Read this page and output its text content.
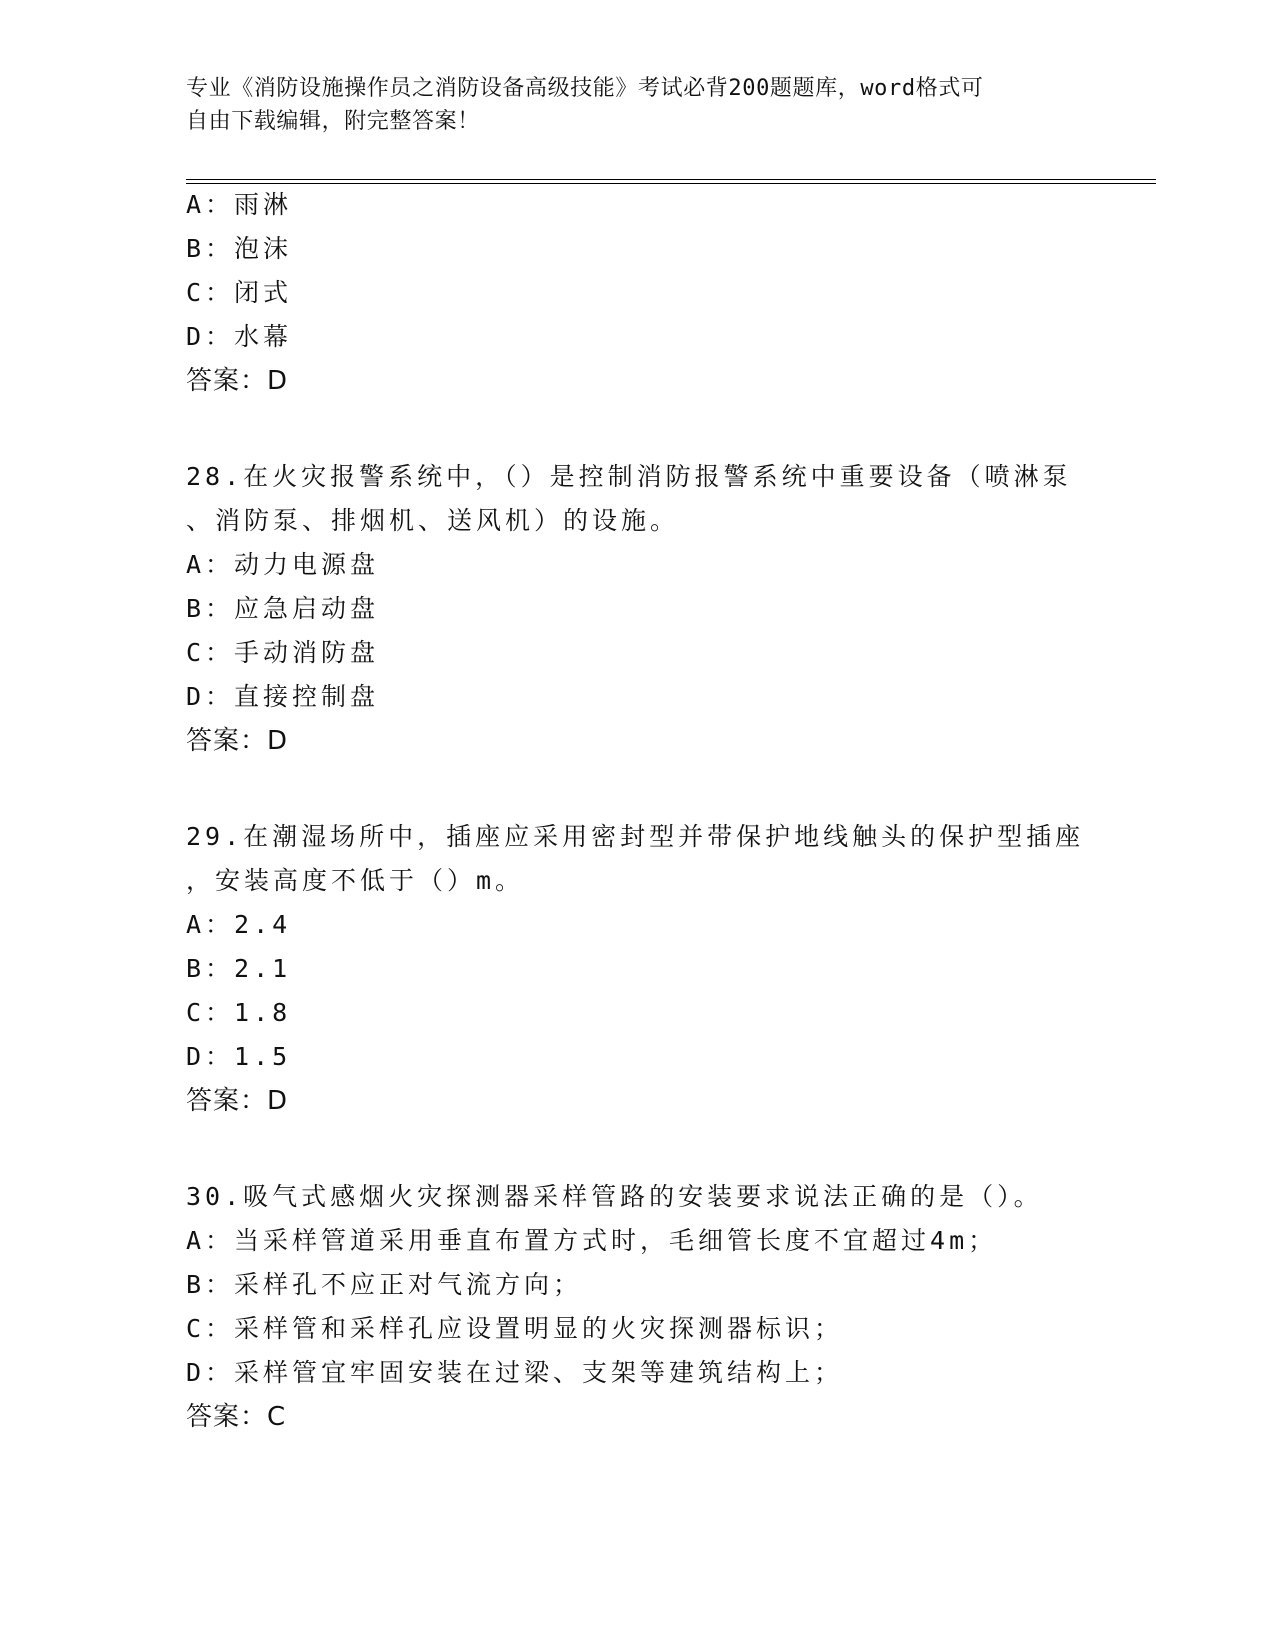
专业《消防设施操作员之消防设备高级技能》考试必背200题题库，word格式可
自由下载编辑，附完整答案！
A：雨淋
B：泡沫
C：闭式
D：水幕
答案：D
28.在火灾报警系统中，（）是控制消防报警系统中重要设备（喷淋泵
、消防泵、排烟机、送风机）的设施。
A：动力电源盘
B：应急启动盘
C：手动消防盘
D：直接控制盘
答案：D
29.在潮湿场所中，插座应采用密封型并带保护地线触头的保护型插座
，安装高度不低于（）m。
A：2.4
B：2.1
C：1.8
D：1.5
答案：D
30.吸气式感烟火灾探测器采样管路的安装要求说法正确的是（）。
A：当采样管道采用垂直布置方式时，毛细管长度不宜超过4m；
B：采样孔不应正对气流方向；
C：采样管和采样孔应设置明显的火灾探测器标识；
D：采样管宜牢固安装在过梁、支架等建筑结构上；
答案：C
